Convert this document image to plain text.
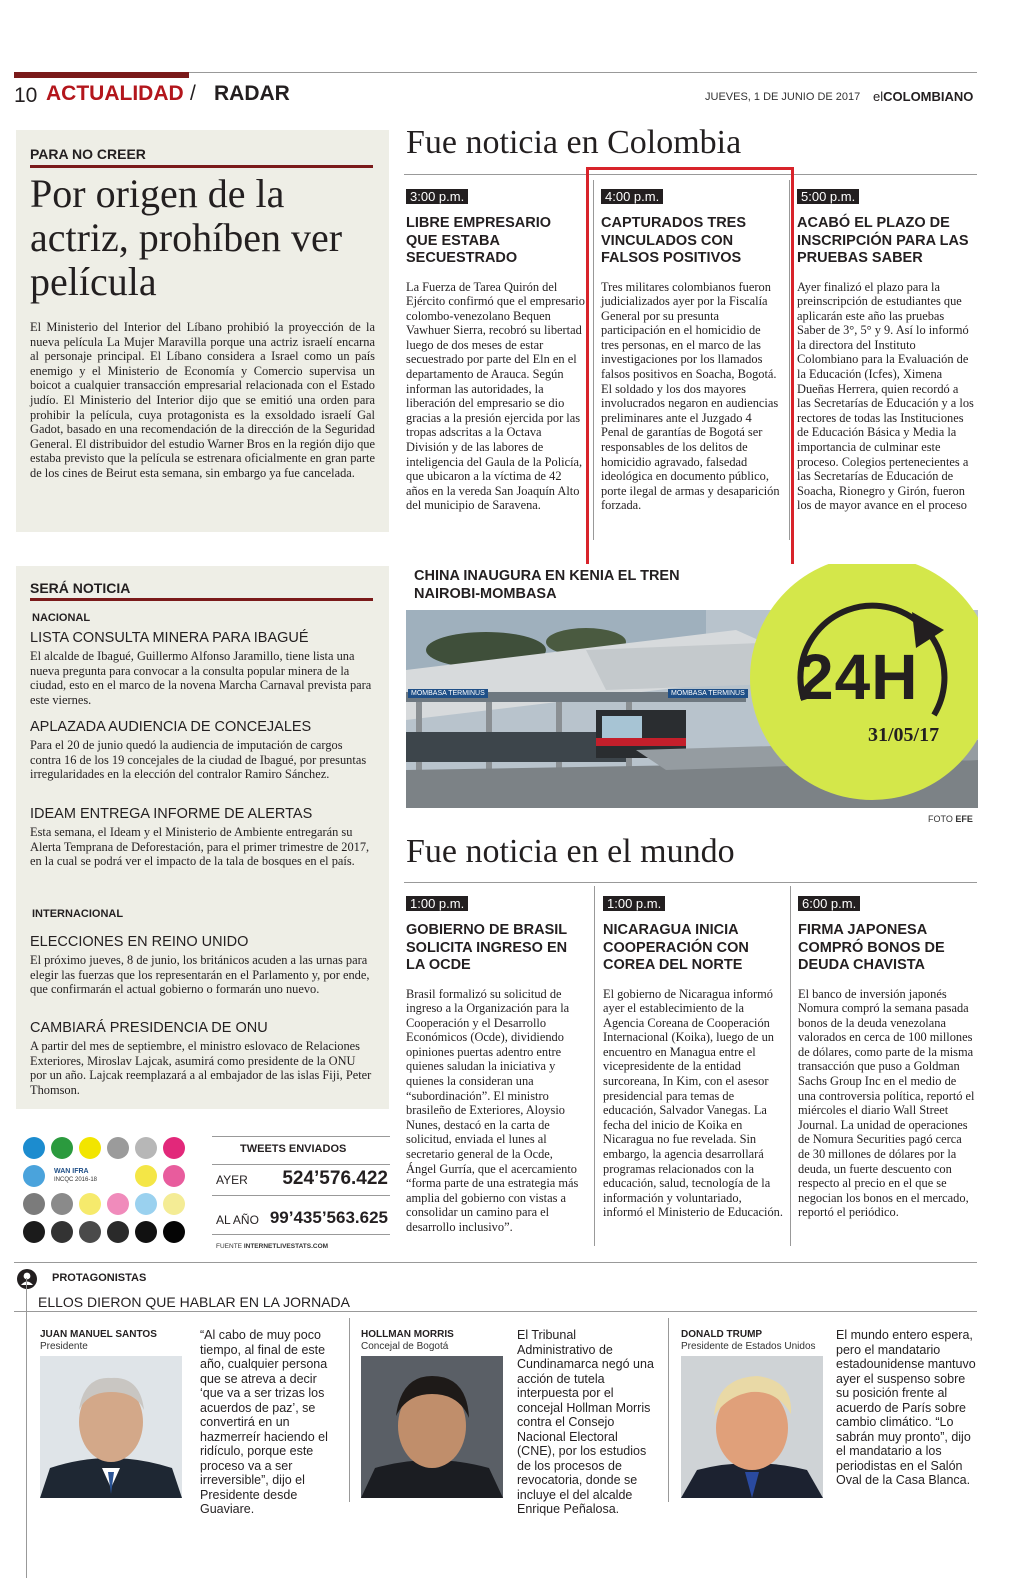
10 ACTUALIDAD / RADAR	JUEVES, 1 DE JUNIO DE 2017 elCOLOMBIANO
PARA NO CREER
Por origen de la actriz, prohíben ver película
El Ministerio del Interior del Líbano prohibió la proyección de la nueva película La Mujer Maravilla porque una actriz israelí encarna al personaje principal. El Líbano considera a Israel como un país enemigo y el Ministerio de Economía y Comercio supervisa un boicot a cualquier transacción empresarial relacionada con el Estado judío. El Ministerio del Interior dijo que se emitió una orden para prohibir la película, cuya protagonista es la exsoldado israelí Gal Gadot, basado en una recomendación de la dirección de la Seguridad General. El distribuidor del estudio Warner Bros en la región dijo que estaba previsto que la película se estrenara oficialmente en gran parte de los cines de Beirut esta semana, sin embargo ya fue cancelada.
Fue noticia en Colombia
3:00 p.m.
LIBRE EMPRESARIO QUE ESTABA SECUESTRADO
La Fuerza de Tarea Quirón del Ejército confirmó que el empresario colombo-venezolano Bequen Vawhuer Sierra, recobró su libertad luego de dos meses de estar secuestrado por parte del Eln en el departamento de Arauca. Según informan las autoridades, la liberación del empresario se dio gracias a la presión ejercida por las tropas adscritas a la Octava División y de las labores de inteligencia del Gaula de la Policía, que ubicaron a la víctima de 42 años en la vereda San Joaquín Alto del municipio de Saravena.
4:00 p.m.
CAPTURADOS TRES VINCULADOS CON FALSOS POSITIVOS
Tres militares colombianos fueron judicializados ayer por la Fiscalía General por su presunta participación en el homicidio de tres personas, en el marco de las investigaciones por los llamados falsos positivos en Soacha, Bogotá. El soldado y los dos mayores involucrados negaron en audiencias preliminares ante el Juzgado 4 Penal de garantías de Bogotá ser responsables de los delitos de homicidio agravado, falsedad ideológica en documento público, porte ilegal de armas y desaparición forzada.
5:00 p.m.
ACABÓ EL PLAZO DE INSCRIPCIÓN PARA LAS PRUEBAS SABER
Ayer finalizó el plazo para la preinscripción de estudiantes que aplicarán este año las pruebas Saber de 3°, 5° y 9. Así lo informó la directora del Instituto Colombiano para la Evaluación de la Educación (Icfes), Ximena Dueñas Herrera, quien recordó a las Secretarías de Educación y a los rectores de todas las Instituciones de Educación Básica y Media la importancia de culminar este proceso. Colegios pertenecientes a las Secretarías de Educación de Soacha, Rionegro y Girón, fueron los de mayor avance en el proceso
SERÁ NOTICIA
NACIONAL
LISTA CONSULTA MINERA PARA IBAGUÉ
El alcalde de Ibagué, Guillermo Alfonso Jaramillo, tiene lista una nueva pregunta para convocar a la consulta popular minera de la ciudad, esto en el marco de la novena Marcha Carnaval prevista para este viernes.
APLAZADA AUDIENCIA DE CONCEJALES
Para el 20 de junio quedó la audiencia de imputación de cargos contra 16 de los 19 concejales de la ciudad de Ibagué, por presuntas irregularidades en la elección del contralor Ramiro Sánchez.
IDEAM ENTREGA INFORME DE ALERTAS
Esta semana, el Ideam y el Ministerio de Ambiente entregarán su Alerta Temprana de Deforestación, para el primer trimestre de 2017, en la cual se podrá ver el impacto de la tala de bosques en el país.
INTERNACIONAL
ELECCIONES EN REINO UNIDO
El próximo jueves, 8 de junio, los británicos acuden a las urnas para elegir las fuerzas que los representarán en el Parlamento y, por ende, que confirmarán el actual gobierno o formarán uno nuevo.
CAMBIARÁ PRESIDENCIA DE ONU
A partir del mes de septiembre, el ministro eslovaco de Relaciones Exteriores, Miroslav Lajcak, asumirá como presidente de la ONU por un año. Lajcak reemplazará a al embajador de las islas Fiji, Peter Thomson.
CHINA INAUGURA EN KENIA EL TREN NAIROBI-MOMBASA
MOMBASA TERMINUS	MOMBASA TERMINUS 24H
31/05/17
FOTO EFE
Fue noticia en el mundo
1:00 p.m.
GOBIERNO DE BRASIL SOLICITA INGRESO EN LA OCDE
Brasil formalizó su solicitud de ingreso a la Organización para la Cooperación y el Desarrollo Económicos (Ocde), dividiendo opiniones puertas adentro entre quienes saludan la iniciativa y quienes la consideran una “subordinación”. El ministro brasileño de Exteriores, Aloysio Nunes, destacó en la carta de solicitud, enviada el lunes al secretario general de la Ocde, Ángel Gurría, que el acercamiento “forma parte de una estrategia más amplia del gobierno con vistas a consolidar un camino para el desarrollo inclusivo”.
1:00 p.m.
NICARAGUA INICIA COOPERACIÓN CON COREA DEL NORTE
El gobierno de Nicaragua informó ayer el establecimiento de la Agencia Coreana de Cooperación Internacional (Koika), luego de un encuentro en Managua entre el vicepresidente de la entidad surcoreana, In Kim, con el asesor presidencial para temas de educación, Salvador Vanegas. La fecha del inicio de Koika en Nicaragua no fue revelada. Sin embargo, la agencia desarrollará programas relacionados con la educación, salud, tecnología de la información y voluntariado, informó el Ministerio de Educación.
6:00 p.m.
FIRMA JAPONESA COMPRÓ BONOS DE DEUDA CHAVISTA
El banco de inversión japonés Nomura compró la semana pasada bonos de la deuda venezolana valorados en cerca de 100 millones de dólares, como parte de la misma transacción que puso a Goldman Sachs Group Inc en el medio de una controversia política, reportó el miércoles el diario Wall Street Journal. La unidad de operaciones de Nomura Securities pagó cerca de 30 millones de dólares por la deuda, un fuerte descuento con respecto al precio en el que se negocian los bonos en el mercado, reportó el periódico.
WAN IFRA
INCQC 2016-18
TWEETS ENVIADOS
AYER 524’576.422
AL AÑO 99’435’563.625
FUENTE INTERNETLIVESTATS.COM
PROTAGONISTAS
ELLOS DIERON QUE HABLAR EN LA JORNADA
JUAN MANUEL SANTOS
Presidente
“Al cabo de muy poco tiempo, al final de este año, cualquier persona que se atreva a decir ‘que va a ser trizas los acuerdos de paz’, se convertirá en un hazmerreír haciendo el ridículo, porque este proceso va a ser irreversible”, dijo el Presidente desde Guaviare.
HOLLMAN MORRIS
Concejal de Bogotá
El Tribunal Administrativo de Cundinamarca negó una acción de tutela interpuesta por el concejal Hollman Morris contra el Consejo Nacional Electoral (CNE), por los estudios de los procesos de revocatoria, donde se incluye el del alcalde Enrique Peñalosa.
DONALD TRUMP
Presidente de Estados Unidos
El mundo entero espera, pero el mandatario estadounidense mantuvo ayer el suspenso sobre su posición frente al acuerdo de París sobre cambio climático. “Lo sabrán muy pronto”, dijo el mandatario a los periodistas en el Salón Oval de la Casa Blanca.
